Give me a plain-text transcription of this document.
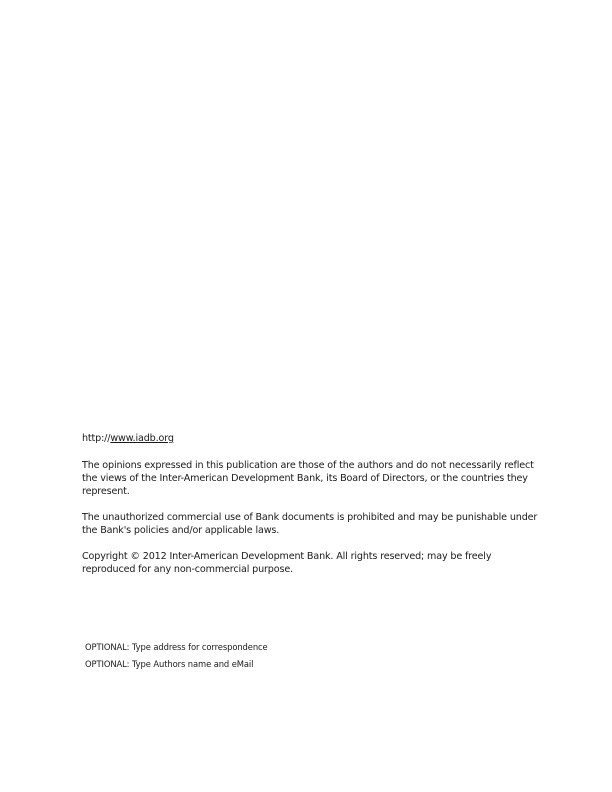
http://www.iadb.org

The opinions expressed in this publication are those of the authors and do not necessarily reflect the views of the Inter-American Development Bank, its Board of Directors, or the countries they represent.

The unauthorized commercial use of Bank documents is prohibited and may be punishable under the Bank's policies and/or applicable laws.

Copyright © 2012 Inter-American Development Bank. All rights reserved; may be freely reproduced for any non-commercial purpose.

OPTIONAL: Type address for correspondence
OPTIONAL: Type Authors name and eMail
